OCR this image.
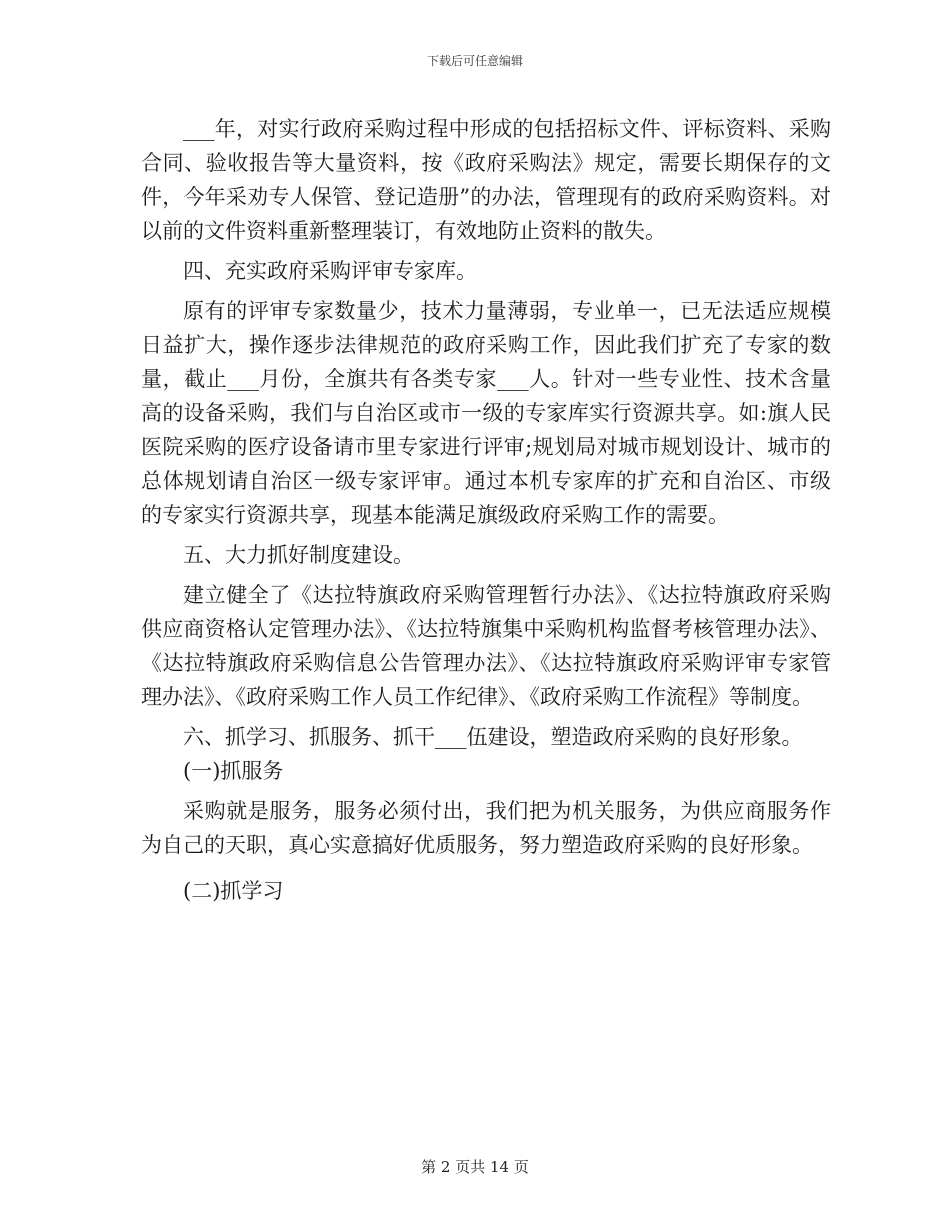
下载后可任意编辑

___年，对实行政府采购过程中形成的包括招标文件、评标资料、采购合同、验收报告等大量资料，按《政府采购法》规定，需要长期保存的文件，今年采劝专人保管、登记造册”的办法，管理现有的政府采购资料。对以前的文件资料重新整理装订，有效地防止资料的散失。

四、充实政府采购评审专家库。

原有的评审专家数量少，技术力量薄弱，专业单一，已无法适应规模日益扩大，操作逐步法律规范的政府采购工作，因此我们扩充了专家的数量，截止___月份，全旗共有各类专家___人。针对一些专业性、技术含量高的设备采购，我们与自治区或市一级的专家库实行资源共享。如:旗人民医院采购的医疗设备请市里专家进行评审;规划局对城市规划设计、城市的总体规划请自治区一级专家评审。通过本机专家库的扩充和自治区、市级的专家实行资源共享，现基本能满足旗级政府采购工作的需要。

五、大力抓好制度建设。

建立健全了《达拉特旗政府采购管理暂行办法》、《达拉特旗政府采购供应商资格认定管理办法》、《达拉特旗集中采购机构监督考核管理办法》、《达拉特旗政府采购信息公告管理办法》、《达拉特旗政府采购评审专家管理办法》、《政府采购工作人员工作纪律》、《政府采购工作流程》等制度。

六、抓学习、抓服务、抓干___伍建设，塑造政府采购的良好形象。

(一)抓服务

采购就是服务，服务必须付出，我们把为机关服务，为供应商服务作为自己的天职，真心实意搞好优质服务，努力塑造政府采购的良好形象。

(二)抓学习

第 2 页共 14 页
